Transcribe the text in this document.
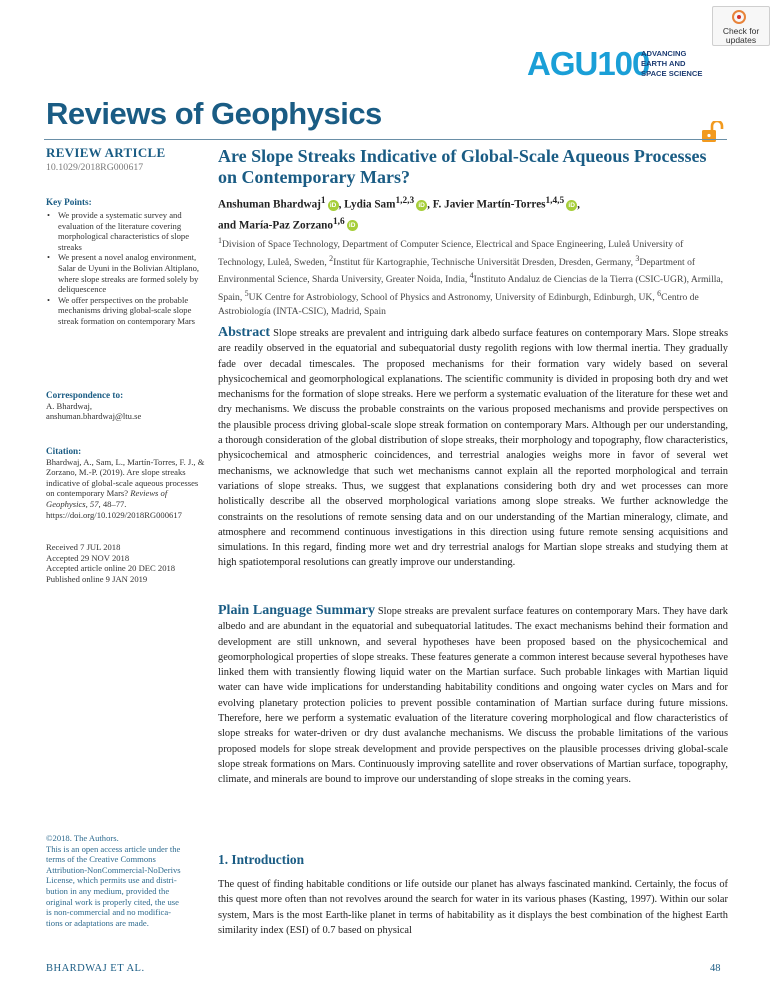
Check for
updates
AGU100
ADVANCING
EARTH AND
SPACE SCIENCE
Reviews of Geophysics
REVIEW ARTICLE
10.1029/2018RG000617
Key Points:
• We provide a systematic survey and evaluation of the literature covering morphological characteristics of slope streaks
• We present a novel analog environment, Salar de Uyuni in the Bolivian Altiplano, where slope streaks are formed solely by deliquescence
• We offer perspectives on the probable mechanisms driving global-scale slope streak formation on contemporary Mars
Correspondence to:
A. Bhardwaj,
anshuman.bhardwaj@ltu.se
Citation:
Bhardwaj, A., Sam, L., Martín-Torres, F. J., & Zorzano, M.-P. (2019). Are slope streaks indicative of global-scale aqueous processes on contemporary Mars? Reviews of Geophysics, 57, 48–77. https://doi.org/10.1029/2018RG000617
Received 7 JUL 2018
Accepted 29 NOV 2018
Accepted article online 20 DEC 2018
Published online 9 JAN 2019
©2018. The Authors.
This is an open access article under the
terms of the Creative Commons
Attribution-NonCommercial-NoDerivs
License, which permits use and distri-
bution in any medium, provided the
original work is properly cited, the use
is non-commercial and no modifica-
tions or adaptations are made.
Are Slope Streaks Indicative of Global-Scale Aqueous Processes on Contemporary Mars?
Anshuman Bhardwaj$^1$ iD , Lydia Sam$^{1,2,3}$ iD , F. Javier Martín-Torres$^{1,4,5}$ iD ,
and María-Paz Zorzano$^{1,6}$ iD
$^1$Division of Space Technology, Department of Computer Science, Electrical and Space Engineering, Luleå University of Technology, Luleå, Sweden, $^2$Institut für Kartographie, Technische Universität Dresden, Dresden, Germany, $^3$Department of Environmental Science, Sharda University, Greater Noida, India, $^4$Instituto Andaluz de Ciencias de la Tierra (CSIC-UGR), Armilla, Spain, $^5$UK Centre for Astrobiology, School of Physics and Astronomy, University of Edinburgh, Edinburgh, UK, $^6$Centro de Astrobiología (INTA-CSIC), Madrid, Spain
Abstract Slope streaks are prevalent and intriguing dark albedo surface features on contemporary Mars. Slope streaks are readily observed in the equatorial and subequatorial dusty regolith regions with low thermal inertia. They gradually fade over decadal timescales. The proposed mechanisms for their formation vary widely based on several physicochemical and geomorphological explanations. The scientific community is divided in proposing both dry and wet mechanisms for the formation of slope streaks. Here we perform a systematic evaluation of the literature for these wet and dry mechanisms. We discuss the probable constraints on the various proposed mechanisms and provide perspectives on the plausible process driving global-scale slope streak formation on contemporary Mars. Although per our understanding, a thorough consideration of the global distribution of slope streaks, their morphology and topography, flow characteristics, physicochemical and atmospheric coincidences, and terrestrial analogies weighs more in favor of several wet mechanisms, we acknowledge that such wet mechanisms cannot explain all the reported morphological and terrain variations of slope streaks. Thus, we suggest that explanations considering both dry and wet processes can more holistically describe all the observed morphological variations among slope streaks. We further acknowledge the constraints on the resolutions of remote sensing data and on our understanding of the Martian mineralogy, climate, and atmosphere and recommend continuous investigations in this direction using future remote sensing acquisitions and simulations. In this regard, finding more wet and dry terrestrial analogs for Martian slope streaks and studying them at high spatiotemporal resolutions can greatly improve our understanding.
Plain Language Summary Slope streaks are prevalent surface features on contemporary Mars. They have dark albedo and are abundant in the equatorial and subequatorial latitudes. The exact mechanisms behind their formation and development are still unknown, and several hypotheses have been proposed based on the physicochemical and geomorphological properties of slope streaks. These features generate a common interest because several hypotheses have linked them with transiently flowing liquid water on the Martian surface. Such probable linkages with Martian liquid water can have wide implications for understanding habitability conditions and ongoing water cycles on Mars and for evolving planetary protection policies to prevent possible contamination of Martian surface during future missions. Therefore, here we perform a systematic evaluation of the literature covering morphological and flow characteristics of slope streaks for water-driven or dry dust avalanche mechanisms. We discuss the probable limitations of the various proposed models for slope streak development and provide perspectives on the plausible processes driving global-scale slope streak formations on Mars. Continuously improving satellite and rover observations of Martian surface, topography, climate, and minerals are bound to improve our understanding of slope streaks in the coming years.
1. Introduction
The quest of finding habitable conditions or life outside our planet has always fascinated mankind. Certainly, the focus of this quest more often than not revolves around the search for water in its various phases (Kasting, 1997). Within our solar system, Mars is the most Earth-like planet in terms of habitability as it displays the best combination of the highest Earth similarity index (ESI) of 0.7 based on physical
BHARDWAJ ET AL.	48
